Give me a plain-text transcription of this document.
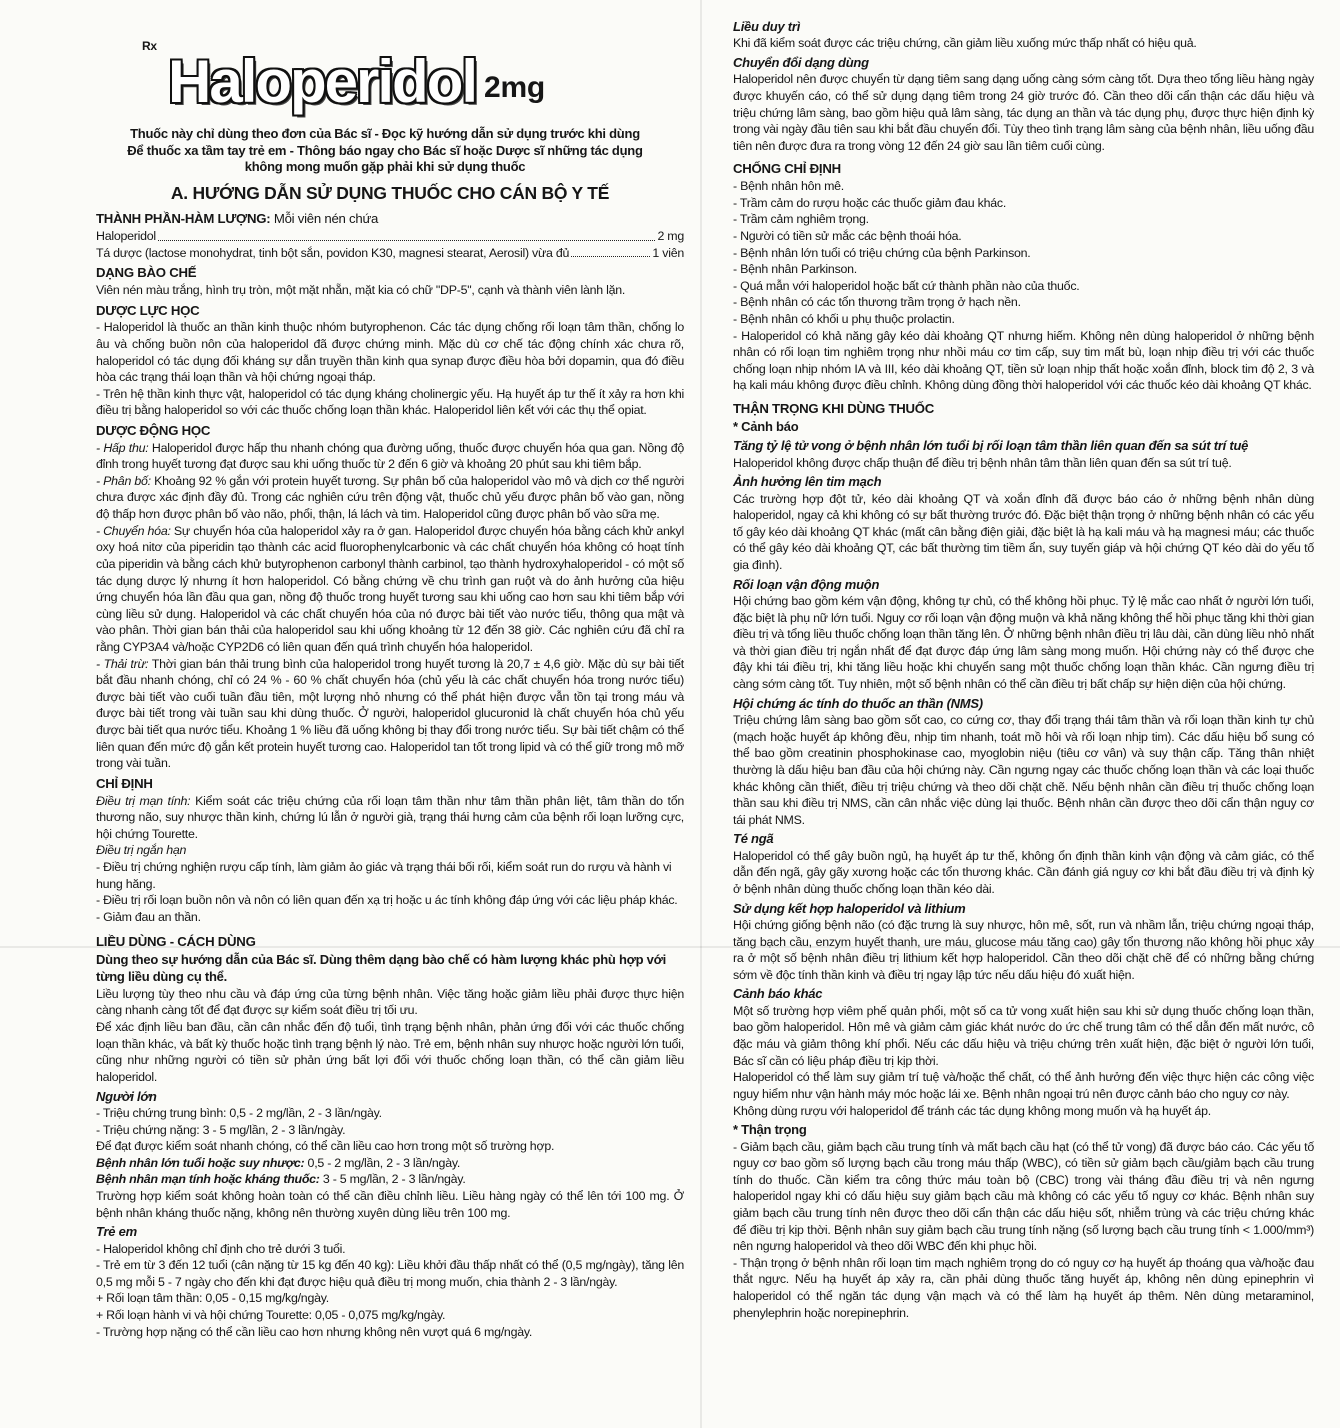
Rx
Haloperidol 2mg
Thuốc này chỉ dùng theo đơn của Bác sĩ - Đọc kỹ hướng dẫn sử dụng trước khi dùng
Để thuốc xa tầm tay trẻ em - Thông báo ngay cho Bác sĩ hoặc Dược sĩ những tác dụng không mong muốn gặp phải khi sử dụng thuốc
A. HƯỚNG DẪN SỬ DỤNG THUỐC CHO CÁN BỘ Y TẾ
THÀNH PHẦN-HÀM LƯỢNG: Mỗi viên nén chứa
Haloperidol	2 mg
Tá dược (lactose monohydrat, tinh bột sắn, povidon K30, magnesi stearat, Aerosil) vừa đủ	1 viên
DẠNG BÀO CHẾ

Viên nén màu trắng, hình trụ tròn, một mặt nhẵn, mặt kia có chữ "DP-5", cạnh và thành viên lành lặn.

DƯỢC LỰC HỌC

- Haloperidol là thuốc an thần kinh thuộc nhóm butyrophenon. Các tác dụng chống rối loạn tâm thần, chống lo âu và chống buồn nôn của haloperidol đã được chứng minh. Mặc dù cơ chế tác động chính xác chưa rõ, haloperidol có tác dụng đối kháng sự dẫn truyền thần kinh qua synap được điều hòa bởi dopamin, qua đó điều hòa các trạng thái loạn thần và hội chứng ngoại tháp.

- Trên hệ thần kinh thực vật, haloperidol có tác dụng kháng cholinergic yếu. Hạ huyết áp tư thế ít xảy ra hơn khi điều trị bằng haloperidol so với các thuốc chống loạn thần khác. Haloperidol liên kết với các thụ thể opiat.

DƯỢC ĐỘNG HỌC

- Hấp thu: Haloperidol được hấp thu nhanh chóng qua đường uống, thuốc được chuyển hóa qua gan. Nồng độ đỉnh trong huyết tương đạt được sau khi uống thuốc từ 2 đến 6 giờ và khoảng 20 phút sau khi tiêm bắp.

- Phân bố: Khoảng 92 % gắn với protein huyết tương. Sự phân bố của haloperidol vào mô và dịch cơ thể người chưa được xác định đầy đủ. Trong các nghiên cứu trên động vật, thuốc chủ yếu được phân bố vào gan, nồng độ thấp hơn được phân bố vào não, phổi, thận, lá lách và tim. Haloperidol cũng được phân bố vào sữa mẹ.

- Chuyển hóa: Sự chuyển hóa của haloperidol xảy ra ở gan. Haloperidol được chuyển hóa bằng cách khử ankyl oxy hoá nitơ của piperidin tạo thành các acid fluorophenylcarbonic và các chất chuyển hóa không có hoạt tính của piperidin và bằng cách khử butyrophenon carbonyl thành carbinol, tạo thành hydroxyhaloperidol - có một số tác dụng dược lý nhưng ít hơn haloperidol. Có bằng chứng về chu trình gan ruột và do ảnh hưởng của hiệu ứng chuyển hóa lần đầu qua gan, nồng độ thuốc trong huyết tương sau khi uống cao hơn sau khi tiêm bắp với cùng liều sử dụng. Haloperidol và các chất chuyển hóa của nó được bài tiết vào nước tiểu, thông qua mật và vào phân. Thời gian bán thải của haloperidol sau khi uống khoảng từ 12 đến 38 giờ. Các nghiên cứu đã chỉ ra rằng CYP3A4 và/hoặc CYP2D6 có liên quan đến quá trình chuyển hóa haloperidol.

- Thải trừ: Thời gian bán thải trung bình của haloperidol trong huyết tương là 20,7 ± 4,6 giờ. Mặc dù sự bài tiết bắt đầu nhanh chóng, chỉ có 24 % - 60 % chất chuyển hóa (chủ yếu là các chất chuyển hóa trong nước tiểu) được bài tiết vào cuối tuần đầu tiên, một lượng nhỏ nhưng có thể phát hiện được vẫn tồn tại trong máu và được bài tiết trong vài tuần sau khi dùng thuốc. Ở người, haloperidol glucuronid là chất chuyển hóa chủ yếu được bài tiết qua nước tiểu. Khoảng 1 % liều đã uống không bị thay đổi trong nước tiểu. Sự bài tiết chậm có thể liên quan đến mức độ gắn kết protein huyết tương cao. Haloperidol tan tốt trong lipid và có thể giữ trong mô mỡ trong vài tuần.

CHỈ ĐỊNH

Điều trị mạn tính: Kiểm soát các triệu chứng của rối loạn tâm thần như tâm thần phân liệt, tâm thần do tổn thương não, suy nhược thần kinh, chứng lú lẫn ở người già, trạng thái hưng cảm của bệnh rối loạn lưỡng cực, hội chứng Tourette.

Điều trị ngắn hạn
- Điều trị chứng nghiện rượu cấp tính, làm giảm ảo giác và trạng thái bối rối, kiểm soát run do rượu và hành vi hung hăng.
- Điều trị rối loạn buồn nôn và nôn có liên quan đến xạ trị hoặc u ác tính không đáp ứng với các liệu pháp khác.
- Giảm đau an thần.
LIỀU DÙNG - CÁCH DÙNG

Dùng theo sự hướng dẫn của Bác sĩ. Dùng thêm dạng bào chế có hàm lượng khác phù hợp với từng liều dùng cụ thể.

Liều lượng tùy theo nhu cầu và đáp ứng của từng bệnh nhân. Việc tăng hoặc giảm liều phải được thực hiện càng nhanh càng tốt để đạt được sự kiểm soát điều trị tối ưu.

Để xác định liều ban đầu, cần cân nhắc đến độ tuổi, tình trạng bệnh nhân, phản ứng đối với các thuốc chống loạn thần khác, và bất kỳ thuốc hoặc tình trạng bệnh lý nào. Trẻ em, bệnh nhân suy nhược hoặc người lớn tuổi, cũng như những người có tiền sử phản ứng bất lợi đối với thuốc chống loạn thần, có thể cần giảm liều haloperidol.

Người lớn
- Triệu chứng trung bình: 0,5 - 2 mg/lần, 2 - 3 lần/ngày.
- Triệu chứng nặng: 3 - 5 mg/lần, 2 - 3 lần/ngày.
Để đạt được kiểm soát nhanh chóng, có thể cần liều cao hơn trong một số trường hợp.

Bệnh nhân lớn tuổi hoặc suy nhược: 0,5 - 2 mg/lần, 2 - 3 lần/ngày.

Bệnh nhân mạn tính hoặc kháng thuốc: 3 - 5 mg/lần, 2 - 3 lần/ngày.

Trường hợp kiểm soát không hoàn toàn có thể cần điều chỉnh liều. Liều hàng ngày có thể lên tới 100 mg. Ở bệnh nhân kháng thuốc nặng, không nên thường xuyên dùng liều trên 100 mg.

Trẻ em
- Haloperidol không chỉ định cho trẻ dưới 3 tuổi.
- Trẻ em từ 3 đến 12 tuổi (cân nặng từ 15 kg đến 40 kg): Liều khởi đầu thấp nhất có thể (0,5 mg/ngày), tăng lên 0,5 mg mỗi 5 - 7 ngày cho đến khi đạt được hiệu quả điều trị mong muốn, chia thành 2 - 3 lần/ngày.
+ Rối loạn tâm thần: 0,05 - 0,15 mg/kg/ngày.
+ Rối loạn hành vi và hội chứng Tourette: 0,05 - 0,075 mg/kg/ngày.
- Trường hợp nặng có thể cần liều cao hơn nhưng không nên vượt quá 6 mg/ngày.
Liều duy trì

Khi đã kiểm soát được các triệu chứng, cần giảm liều xuống mức thấp nhất có hiệu quả.

Chuyển đổi dạng dùng

Haloperidol nên được chuyển từ dạng tiêm sang dạng uống càng sớm càng tốt. Dựa theo tổng liều hàng ngày được khuyến cáo, có thể sử dụng dạng tiêm trong 24 giờ trước đó. Cần theo dõi cẩn thận các dấu hiệu và triệu chứng lâm sàng, bao gồm hiệu quả lâm sàng, tác dụng an thần và tác dụng phụ, được thực hiện định kỳ trong vài ngày đầu tiên sau khi bắt đầu chuyển đổi. Tùy theo tình trạng lâm sàng của bệnh nhân, liều uống đầu tiên nên được đưa ra trong vòng 12 đến 24 giờ sau lần tiêm cuối cùng.

CHỐNG CHỈ ĐỊNH
- Bệnh nhân hôn mê.
- Trầm cảm do rượu hoặc các thuốc giảm đau khác.
- Trầm cảm nghiêm trọng.
- Người có tiền sử mắc các bệnh thoái hóa.
- Bệnh nhân lớn tuổi có triệu chứng của bệnh Parkinson.
- Bệnh nhân Parkinson.
- Quá mẫn với haloperidol hoặc bất cứ thành phần nào của thuốc.
- Bệnh nhân có các tổn thương trầm trọng ở hạch nền.
- Bệnh nhân có khối u phụ thuộc prolactin.

- Haloperidol có khả năng gây kéo dài khoảng QT nhưng hiếm. Không nên dùng haloperidol ở những bệnh nhân có rối loạn tim nghiêm trọng như nhồi máu cơ tim cấp, suy tim mất bù, loạn nhịp điều trị với các thuốc chống loạn nhịp nhóm IA và III, kéo dài khoảng QT, tiền sử loạn nhịp thất hoặc xoắn đỉnh, block tim độ 2, 3 và hạ kali máu không được điều chỉnh. Không dùng đồng thời haloperidol với các thuốc kéo dài khoảng QT khác.

THẬN TRỌNG KHI DÙNG THUỐC
* Cảnh báo
Tăng tỷ lệ tử vong ở bệnh nhân lớn tuổi bị rối loạn tâm thần liên quan đến sa sút trí tuệ

Haloperidol không được chấp thuận để điều trị bệnh nhân tâm thần liên quan đến sa sút trí tuệ.

Ảnh hưởng lên tim mạch

Các trường hợp đột tử, kéo dài khoảng QT và xoắn đỉnh đã được báo cáo ở những bệnh nhân dùng haloperidol, ngay cả khi không có sự bất thường trước đó. Đặc biệt thận trọng ở những bệnh nhân có các yếu tố gây kéo dài khoảng QT khác (mất cân bằng điện giải, đặc biệt là hạ kali máu và hạ magnesi máu; các thuốc có thể gây kéo dài khoảng QT, các bất thường tim tiềm ẩn, suy tuyến giáp và hội chứng QT kéo dài do yếu tố gia đình).

Rối loạn vận động muộn

Hội chứng bao gồm kém vận động, không tự chủ, có thể không hồi phục. Tỷ lệ mắc cao nhất ở người lớn tuổi, đặc biệt là phụ nữ lớn tuổi. Nguy cơ rối loạn vận động muộn và khả năng không thể hồi phục tăng khi thời gian điều trị và tổng liều thuốc chống loạn thần tăng lên. Ở những bệnh nhân điều trị lâu dài, cần dùng liều nhỏ nhất và thời gian điều trị ngắn nhất để đạt được đáp ứng lâm sàng mong muốn. Hội chứng này có thể được che đậy khi tái điều trị, khi tăng liều hoặc khi chuyển sang một thuốc chống loạn thần khác. Cần ngưng điều trị càng sớm càng tốt. Tuy nhiên, một số bệnh nhân có thể cần điều trị bất chấp sự hiện diện của hội chứng.

Hội chứng ác tính do thuốc an thần (NMS)

Triệu chứng lâm sàng bao gồm sốt cao, co cứng cơ, thay đổi trạng thái tâm thần và rối loạn thần kinh tự chủ (mạch hoặc huyết áp không đều, nhịp tim nhanh, toát mồ hôi và rối loạn nhịp tim). Các dấu hiệu bổ sung có thể bao gồm creatinin phosphokinase cao, myoglobin niệu (tiêu cơ vân) và suy thận cấp. Tăng thân nhiệt thường là dấu hiệu ban đầu của hội chứng này. Cần ngưng ngay các thuốc chống loạn thần và các loại thuốc khác không cần thiết, điều trị triệu chứng và theo dõi chặt chẽ. Nếu bệnh nhân cần điều trị thuốc chống loạn thần sau khi điều trị NMS, cần cân nhắc việc dùng lại thuốc. Bệnh nhân cần được theo dõi cẩn thận nguy cơ tái phát NMS.

Té ngã

Haloperidol có thể gây buồn ngủ, hạ huyết áp tư thế, không ổn định thần kinh vận động và cảm giác, có thể dẫn đến ngã, gây gãy xương hoặc các tổn thương khác. Cần đánh giá nguy cơ khi bắt đầu điều trị và định kỳ ở bệnh nhân dùng thuốc chống loạn thần kéo dài.

Sử dụng kết hợp haloperidol và lithium

Hội chứng giống bệnh não (có đặc trưng là suy nhược, hôn mê, sốt, run và nhầm lẫn, triệu chứng ngoại tháp, tăng bạch cầu, enzym huyết thanh, ure máu, glucose máu tăng cao) gây tổn thương não không hồi phục xảy ra ở một số bệnh nhân điều trị lithium kết hợp haloperidol. Cần theo dõi chặt chẽ để có những bằng chứng sớm về độc tính thần kinh và điều trị ngay lập tức nếu dấu hiệu đó xuất hiện.

Cảnh báo khác

Một số trường hợp viêm phế quản phổi, một số ca tử vong xuất hiện sau khi sử dụng thuốc chống loạn thần, bao gồm haloperidol. Hôn mê và giảm cảm giác khát nước do ức chế trung tâm có thể dẫn đến mất nước, cô đặc máu và giảm thông khí phổi. Nếu các dấu hiệu và triệu chứng trên xuất hiện, đặc biệt ở người lớn tuổi, Bác sĩ cần có liệu pháp điều trị kịp thời.

Haloperidol có thể làm suy giảm trí tuệ và/hoặc thể chất, có thể ảnh hưởng đến việc thực hiện các công việc nguy hiểm như vận hành máy móc hoặc lái xe. Bệnh nhân ngoại trú nên được cảnh báo cho nguy cơ này.

Không dùng rượu với haloperidol để tránh các tác dụng không mong muốn và hạ huyết áp.

* Thận trọng

- Giảm bạch cầu, giảm bạch cầu trung tính và mất bạch cầu hạt (có thể tử vong) đã được báo cáo. Các yếu tố nguy cơ bao gồm số lượng bạch cầu trong máu thấp (WBC), có tiền sử giảm bạch cầu/giảm bạch cầu trung tính do thuốc. Cần kiểm tra công thức máu toàn bộ (CBC) trong vài tháng đầu điều trị và nên ngưng haloperidol ngay khi có dấu hiệu suy giảm bạch cầu mà không có các yếu tố nguy cơ khác. Bệnh nhân suy giảm bạch cầu trung tính nên được theo dõi cẩn thận các dấu hiệu sốt, nhiễm trùng và các triệu chứng khác để điều trị kịp thời. Bệnh nhân suy giảm bạch cầu trung tính nặng (số lượng bạch cầu trung tính < 1.000/mm³) nên ngưng haloperidol và theo dõi WBC đến khi phục hồi.

- Thận trọng ở bệnh nhân rối loạn tim mạch nghiêm trọng do có nguy cơ hạ huyết áp thoáng qua và/hoặc đau thắt ngực. Nếu hạ huyết áp xảy ra, cần phải dùng thuốc tăng huyết áp, không nên dùng epinephrin vì haloperidol có thể ngăn tác dụng vận mạch và có thể làm hạ huyết áp thêm. Nên dùng metaraminol, phenylephrin hoặc norepinephrin.
